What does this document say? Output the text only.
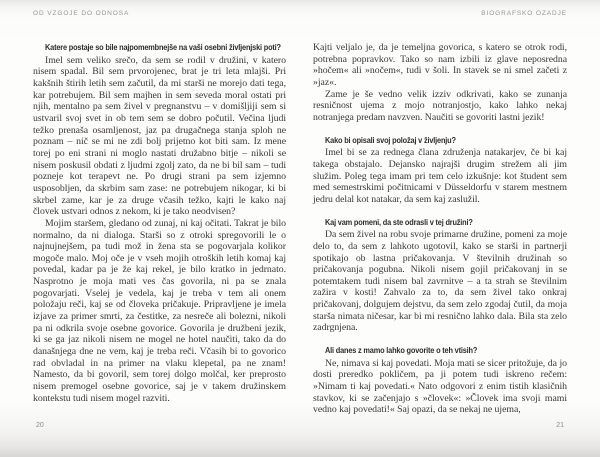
OD VZGOJE DO ODNOSA
Katere postaje so bile najpomembnejše na vaši osebni življenjski poti?

Imel sem veliko srečo, da sem se rodil v družini, v katero nisem spadal. Bil sem prvorojenec, brat je tri leta mlajši. Pri kakšnih štirih letih sem začutil, da mi starši ne morejo dati tega, kar potrebujem. Bil sem majhen in sem seveda moral ostati pri njih, mentalno pa sem živel v pregnanstvu – v domišljiji sem si ustvaril svoj svet in ob tem sem se dobro počutil. Večina ljudi težko prenaša osamljenost, jaz pa drugačnega stanja sploh ne poznam – nič se mi ne zdi bolj prijetno kot biti sam. Iz mene torej po eni strani ni moglo nastati družabno bitje – nikoli se nisem poskusil obdati z ljudmi zgolj zato, da ne bi bil sam – tudi pozneje kot terapevt ne. Po drugi strani pa sem izjemno usposobljen, da skrbim sam zase: ne potrebujem nikogar, ki bi skrbel zame, kar je za druge včasih težko, kajti le kako naj človek ustvari odnos z nekom, ki je tako neodvisen?

Mojim staršem, gledano od zunaj, ni kaj očitati. Takrat je bilo normalno, da ni dialoga. Starši so z otroki spregovorili le o najnujnejšem, pa tudi mož in žena sta se pogovarjala kolikor mogoče malo. Moj oče je v vseh mojih otroških letih komaj kaj povedal, kadar pa je že kaj rekel, je bilo kratko in jedrnato. Nasprotno je moja mati ves čas govorila, ni pa se znala pogovarjati. Vselej je vedela, kaj je treba v tem ali onem položaju reči, kaj se od človeka pričakuje. Pripravljene je imela izjave za primer smrti, za čestitke, za nesreče ali bolezni, nikoli pa ni odkrila svoje osebne govorice. Govorila je družbeni jezik, ki se ga jaz nikoli nisem ne mogel ne hotel naučiti, tako da do današnjega dne ne vem, kaj je treba reči. Včasih bi to govorico rad obvladal in na primer na vlaku klepetal, pa ne znam! Namesto, da bi govoril, sem torej dolgo molčal, ker preprosto nisem premogel osebne govorice, saj je v takem družinskem kontekstu tudi nisem mogel razviti.

20
BIOGRAFSKO OZADJE

Kajti veljalo je, da je temeljna govorica, s katero se otrok rodi, potrebna popravkov. Tako so nam izbili iz glave neposredna »hočem« ali »nočem«, tudi v šoli. In stavek se ni smel začeti z »jaz«.

Zame je še vedno velik izziv odkrivati, kako se zunanja resničnost ujema z mojo notranjostjo, kako lahko nekaj notranjega predam navzven. Naučiti se govoriti lastni jezik!

Kako bi opisali svoj položaj v življenju?

Imel bi se za rednega člana združenja natakarjev, če bi kaj takega obstajalo. Dejansko najrajši drugim strežem ali jim služim. Poleg tega imam pri tem celo izkušnje: kot študent sem med semestrskimi počitnicami v Düsseldorfu v starem mestnem jedru delal kot natakar, da sem kaj zaslužil.

Kaj vam pomeni, da ste odrasli v tej družini?

Da sem živel na robu svoje primarne družine, pomeni za moje delo to, da sem z lahkoto ugotovil, kako se starši in partnerji spotikajo ob lastna pričakovanja. V številnih družinah so pričakovanja pogubna. Nikoli nisem gojil pričakovanj in se potemtakem tudi nisem bal zavrnitve – a ta strah se številnim zažira v kosti! Zahvalo za to, da sem živel tako onkraj pričakovanj, dolgujem dejstvu, da sem zelo zgodaj čutil, da moja starša nimata ničesar, kar bi mi resnično lahko dala. Bila sta zelo zadrgnjena.

Ali danes z mamo lahko govorite o teh vtisih?

Ne, nimava si kaj povedati. Moja mati se sicer pritožuje, da jo dosti preredko pokličem, pa ji potem tudi iskreno rečem: »Nimam ti kaj povedati.« Nato odgovori z enim tistih klasičnih stavkov, ki se začenjajo s »človek«: »Človek ima svoji mami vedno kaj povedati!« Saj opazi, da se nekaj ne ujema,

21
